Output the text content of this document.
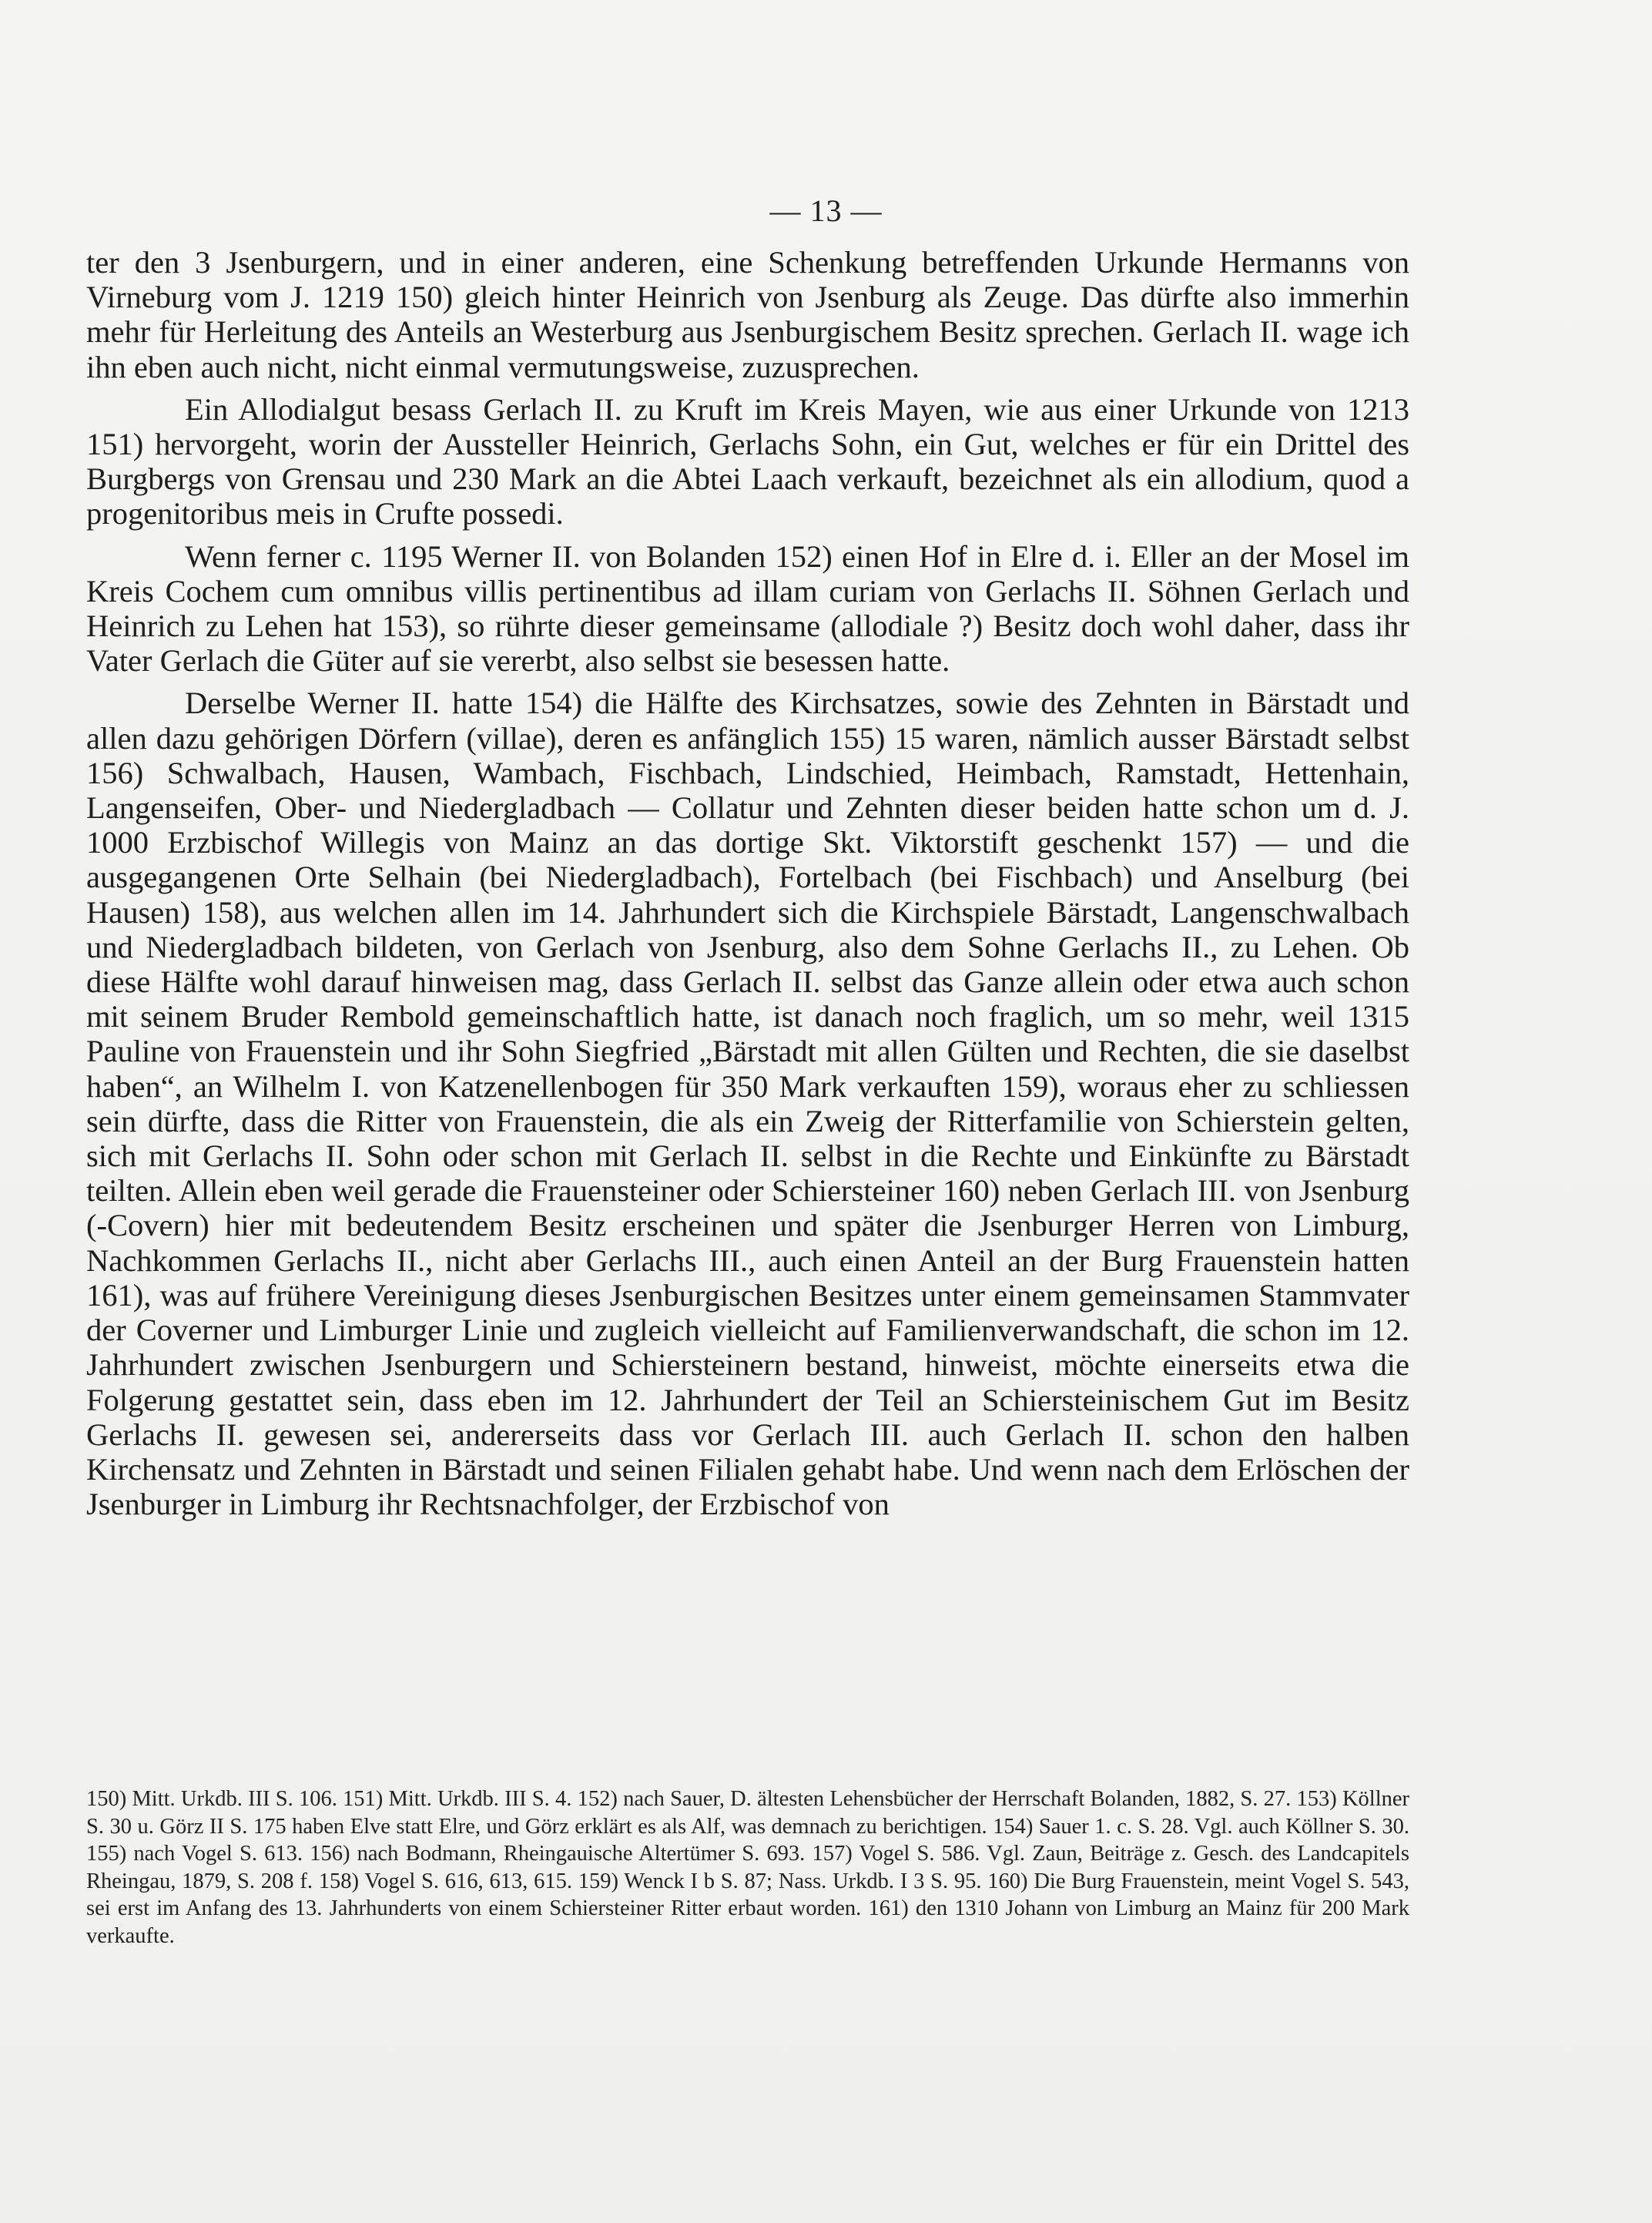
— 13 —

ter den 3 Jsenburgern, und in einer anderen, eine Schenkung betreffenden Urkunde Hermanns von Virneburg vom J. 1219 150) gleich hinter Heinrich von Jsenburg als Zeuge. Das dürfte also immerhin mehr für Herleitung des Anteils an Westerburg aus Jsenburgischem Besitz sprechen. Gerlach II. wage ich ihn eben auch nicht, nicht einmal vermutungsweise, zuzusprechen.

Ein Allodialgut besass Gerlach II. zu Kruft im Kreis Mayen, wie aus einer Urkunde von 1213 151) hervorgeht, worin der Aussteller Heinrich, Gerlachs Sohn, ein Gut, welches er für ein Drittel des Burgbergs von Grensau und 230 Mark an die Abtei Laach verkauft, bezeichnet als ein allodium, quod a progenitoribus meis in Crufte possedi.

Wenn ferner c. 1195 Werner II. von Bolanden 152) einen Hof in Elre d. i. Eller an der Mosel im Kreis Cochem cum omnibus villis pertinentibus ad illam curiam von Gerlachs II. Söhnen Gerlach und Heinrich zu Lehen hat 153), so rührte dieser gemeinsame (allodiale ?) Besitz doch wohl daher, dass ihr Vater Gerlach die Güter auf sie vererbt, also selbst sie besessen hatte.

Derselbe Werner II. hatte 154) die Hälfte des Kirchsatzes, sowie des Zehnten in Bärstadt und allen dazu gehörigen Dörfern (villae), deren es anfänglich 155) 15 waren, nämlich ausser Bärstadt selbst 156) Schwalbach, Hausen, Wambach, Fischbach, Lindschied, Heimbach, Ramstadt, Hettenhain, Langenseifen, Ober- und Niedergladbach — Collatur und Zehnten dieser beiden hatte schon um d. J. 1000 Erzbischof Willegis von Mainz an das dortige Skt. Viktorstift geschenkt 157) — und die ausgegangenen Orte Selhain (bei Niedergladbach), Fortelbach (bei Fischbach) und Anselburg (bei Hausen) 158), aus welchen allen im 14. Jahrhundert sich die Kirchspiele Bärstadt, Langenschwalbach und Niedergladbach bildeten, von Gerlach von Jsenburg, also dem Sohne Gerlachs II., zu Lehen. Ob diese Hälfte wohl darauf hinweisen mag, dass Gerlach II. selbst das Ganze allein oder etwa auch schon mit seinem Bruder Rembold gemeinschaftlich hatte, ist danach noch fraglich, um so mehr, weil 1315 Pauline von Frauenstein und ihr Sohn Siegfried „Bärstadt mit allen Gülten und Rechten, die sie daselbst haben“, an Wilhelm I. von Katzenellenbogen für 350 Mark verkauften 159), woraus eher zu schliessen sein dürfte, dass die Ritter von Frauenstein, die als ein Zweig der Ritterfamilie von Schierstein gelten, sich mit Gerlachs II. Sohn oder schon mit Gerlach II. selbst in die Rechte und Einkünfte zu Bärstadt teilten. Allein eben weil gerade die Frauensteiner oder Schiersteiner 160) neben Gerlach III. von Jsenburg (-Covern) hier mit bedeutendem Besitz erscheinen und später die Jsenburger Herren von Limburg, Nachkommen Gerlachs II., nicht aber Gerlachs III., auch einen Anteil an der Burg Frauenstein hatten 161), was auf frühere Vereinigung dieses Jsenburgischen Besitzes unter einem gemeinsamen Stammvater der Coverner und Limburger Linie und zugleich vielleicht auf Familienverwandschaft, die schon im 12. Jahrhundert zwischen Jsenburgern und Schiersteinern bestand, hinweist, möchte einerseits etwa die Folgerung gestattet sein, dass eben im 12. Jahrhundert der Teil an Schiersteinischem Gut im Besitz Gerlachs II. gewesen sei, andererseits dass vor Gerlach III. auch Gerlach II. schon den halben Kirchensatz und Zehnten in Bärstadt und seinen Filialen gehabt habe. Und wenn nach dem Erlöschen der Jsenburger in Limburg ihr Rechtsnachfolger, der Erzbischof von

150) Mitt. Urkdb. III S. 106. 151) Mitt. Urkdb. III S. 4. 152) nach Sauer, D. ältesten Lehensbücher der Herrschaft Bolanden, 1882, S. 27. 153) Köllner S. 30 u. Görz II S. 175 haben Elve statt Elre, und Görz erklärt es als Alf, was demnach zu berichtigen. 154) Sauer 1. c. S. 28. Vgl. auch Köllner S. 30. 155) nach Vogel S. 613. 156) nach Bodmann, Rheingauische Altertümer S. 693. 157) Vogel S. 586. Vgl. Zaun, Beiträge z. Gesch. des Landcapitels Rheingau, 1879, S. 208 f. 158) Vogel S. 616, 613, 615. 159) Wenck I b S. 87; Nass. Urkdb. I 3 S. 95. 160) Die Burg Frauenstein, meint Vogel S. 543, sei erst im Anfang des 13. Jahrhunderts von einem Schiersteiner Ritter erbaut worden. 161) den 1310 Johann von Limburg an Mainz für 200 Mark verkaufte.
